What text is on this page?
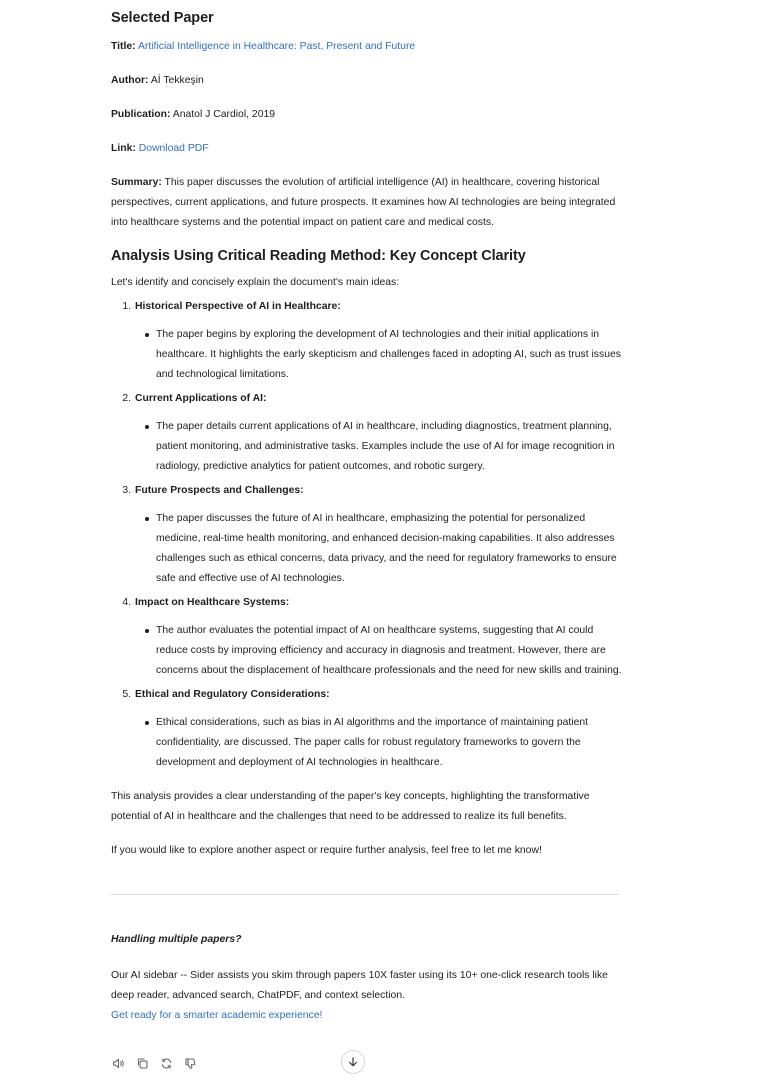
Selected Paper

Title: Artificial Intelligence in Healthcare: Past, Present and Future

Author: Aİ Tekkeşin

Publication: Anatol J Cardiol, 2019

Link: Download PDF

Summary: This paper discusses the evolution of artificial intelligence (AI) in healthcare, covering historical perspectives, current applications, and future prospects. It examines how AI technologies are being integrated into healthcare systems and the potential impact on patient care and medical costs.

Analysis Using Critical Reading Method: Key Concept Clarity

Let's identify and concisely explain the document's main ideas:

1. Historical Perspective of AI in Healthcare:
The paper begins by exploring the development of AI technologies and their initial applications in healthcare. It highlights the early skepticism and challenges faced in adopting AI, such as trust issues and technological limitations.
2. Current Applications of AI:
The paper details current applications of AI in healthcare, including diagnostics, treatment planning, patient monitoring, and administrative tasks. Examples include the use of AI for image recognition in radiology, predictive analytics for patient outcomes, and robotic surgery.
3. Future Prospects and Challenges:
The paper discusses the future of AI in healthcare, emphasizing the potential for personalized medicine, real-time health monitoring, and enhanced decision-making capabilities. It also addresses challenges such as ethical concerns, data privacy, and the need for regulatory frameworks to ensure safe and effective use of AI technologies.
4. Impact on Healthcare Systems:
The author evaluates the potential impact of AI on healthcare systems, suggesting that AI could reduce costs by improving efficiency and accuracy in diagnosis and treatment. However, there are concerns about the displacement of healthcare professionals and the need for new skills and training.
5. Ethical and Regulatory Considerations:
Ethical considerations, such as bias in AI algorithms and the importance of maintaining patient confidentiality, are discussed. The paper calls for robust regulatory frameworks to govern the development and deployment of AI technologies in healthcare.

This analysis provides a clear understanding of the paper's key concepts, highlighting the transformative potential of AI in healthcare and the challenges that need to be addressed to realize its full benefits.

If you would like to explore another aspect or require further analysis, feel free to let me know!

Handling multiple papers?

Our AI sidebar -- Sider assists you skim through papers 10X faster using its 10+ one-click research tools like deep reader, advanced search, ChatPDF, and context selection.

Get ready for a smarter academic experience!
